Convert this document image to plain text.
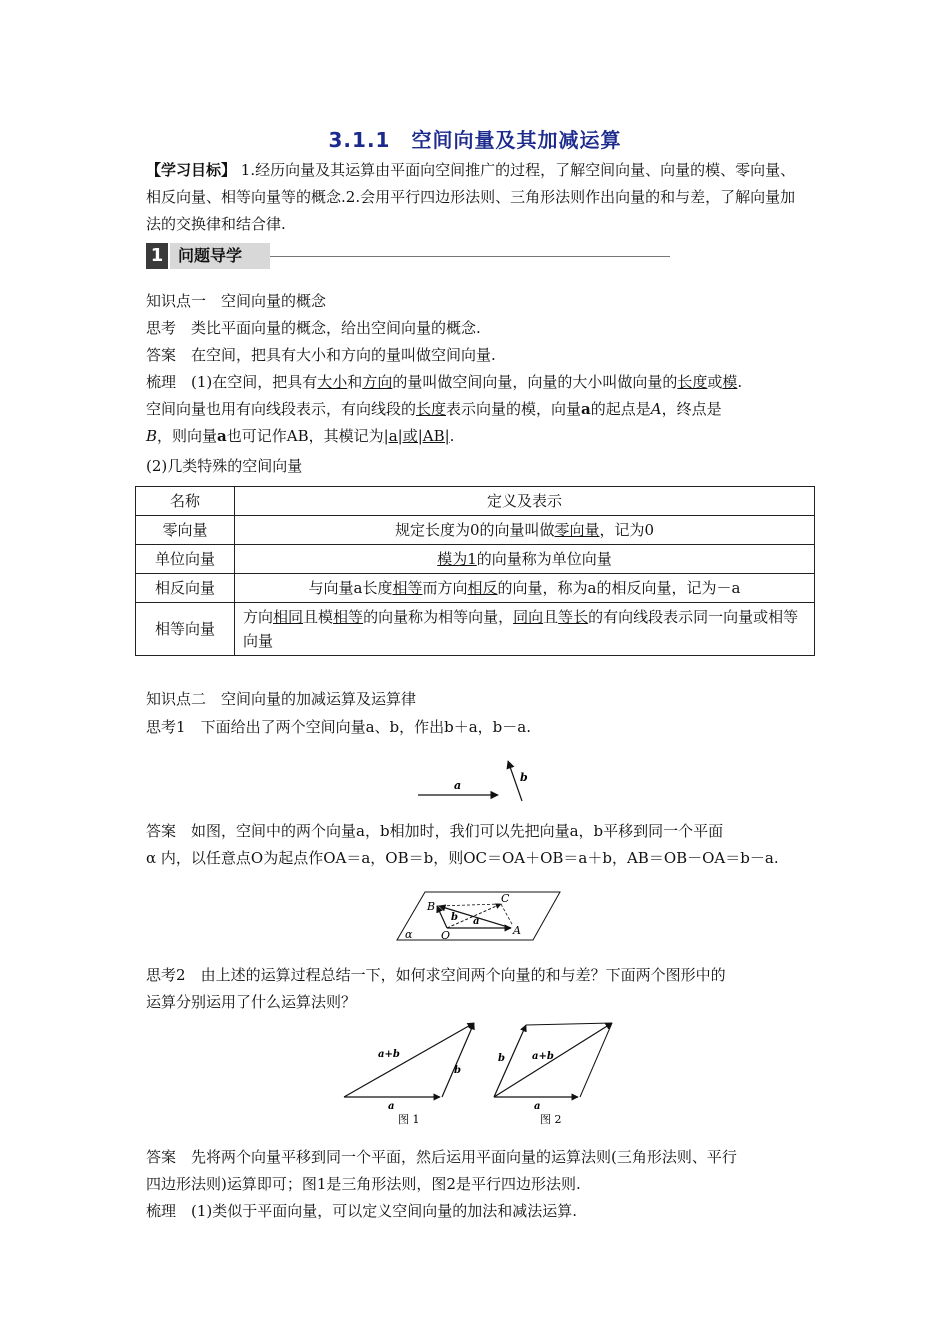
3.1.1　空间向量及其加减运算
【学习目标】 1.经历向量及其运算由平面向空间推广的过程，了解空间向量、向量的模、零向量、相反向量、相等向量等的概念.2.会用平行四边形法则、三角形法则作出向量的和与差，了解向量加法的交换律和结合律.
1 问题导学
知识点一　空间向量的概念
思考　 类比平面向量的概念，给出空间向量的概念.
答案　 在空间，把具有大小和方向的量叫做空间向量.
梳理　 (1)在空间，把具有大小和方向的量叫做空间向量，向量的大小叫做向量的长度或模.
空间向量也用有向线段表示，有向线段的长度表示向量的模，向量a的起点是A，终点是
B，则向量a也可记作AB，其模记为|a|或|AB|.
(2)几类特殊的空间向量
名称	定义及表示
零向量	规定长度为0的向量叫做零向量，记为0
单位向量	模为1的向量称为单位向量
相反向量	与向量a长度相等而方向相反的向量，称为a的相反向量，记为－a
相等向量	方向相同且模相等的向量称为相等向量，同向且等长的有向线段表示同一向量或相等向量
知识点二　空间向量的加减运算及运算律
思考1　 下面给出了两个空间向量a、b，作出b＋a，b－a.
a
b
答案　 如图，空间中的两个向量a，b相加时，我们可以先把向量a，b平移到同一个平面
α 内，以任意点O为起点作OA＝a，OB＝b，则OC＝OA＋OB＝a＋b，AB＝OB－OA＝b－a.
B
C
b a
O	A
α
思考2　 由上述的运算过程总结一下，如何求空间两个向量的和与差？下面两个图形中的
运算分别运用了什么运算法则？
a+b
b
a
图 1
a+b
b
a
图 2
答案　 先将两个向量平移到同一个平面，然后运用平面向量的运算法则(三角形法则、平行
四边形法则)运算即可；图1是三角形法则，图2是平行四边形法则.
梳理　 (1)类似于平面向量，可以定义空间向量的加法和减法运算.
